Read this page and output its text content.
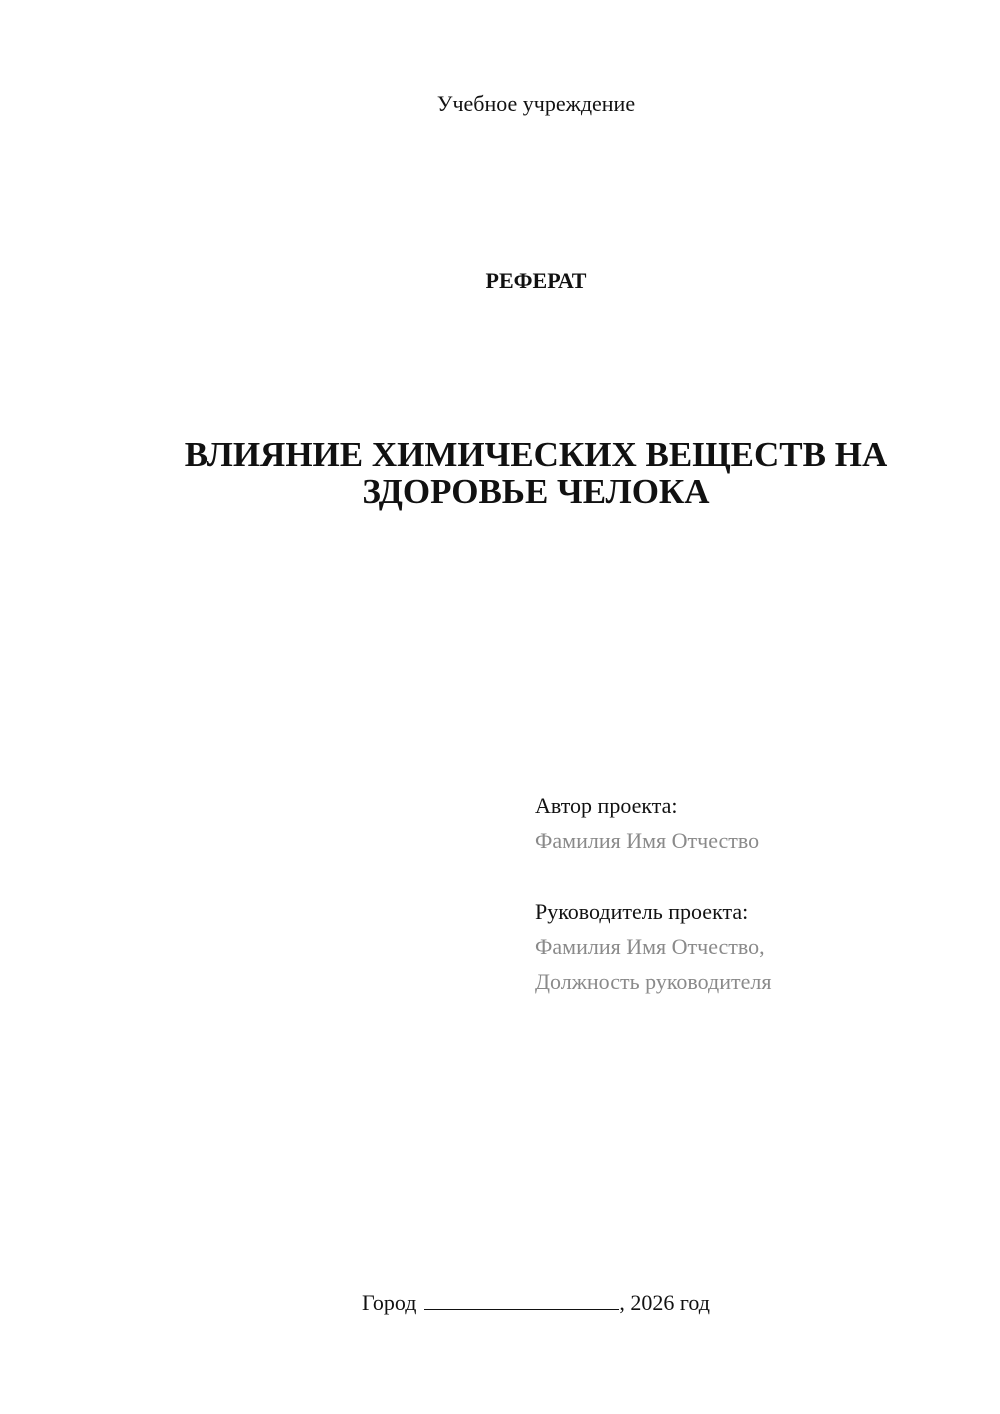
Учебное учреждение
РЕФЕРАТ
ВЛИЯНИЕ ХИМИЧЕСКИХ ВЕЩЕСТВ НА
ЗДОРОВЬЕ ЧЕЛОКА
Автор проекта:
Фамилия Имя Отчество
Руководитель проекта:
Фамилия Имя Отчество,
Должность руководителя
Город	, 2026 год
